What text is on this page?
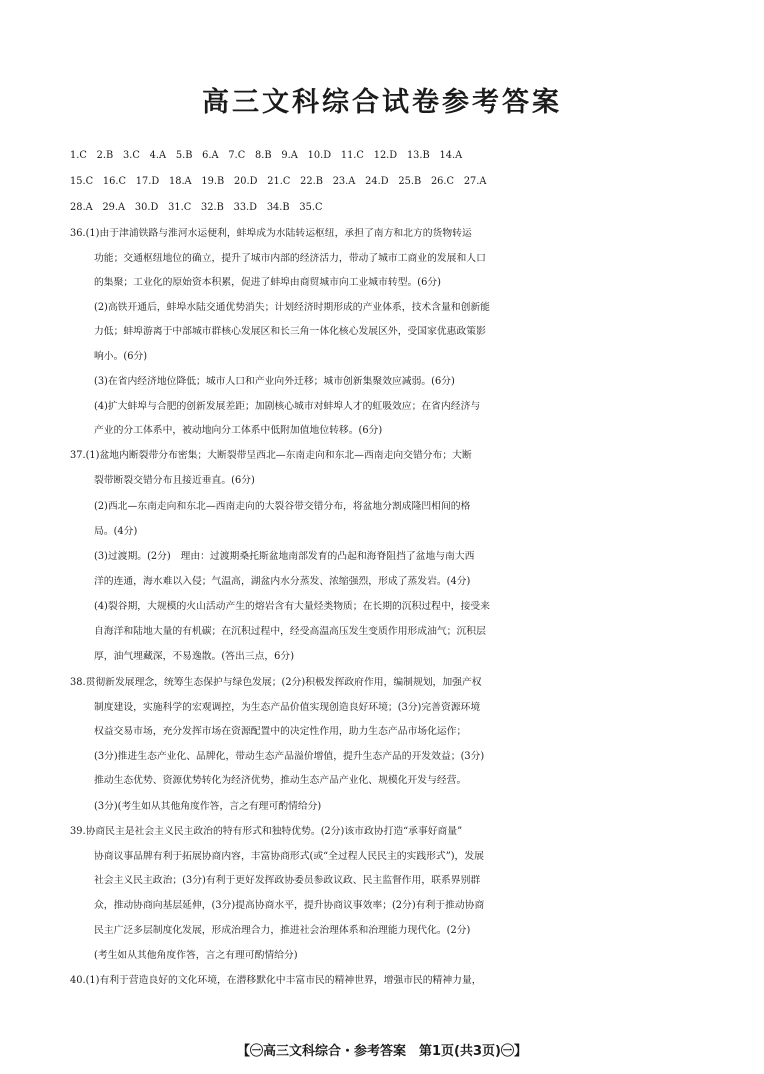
高三文科综合试卷参考答案
1.C　2.B　3.C　4.A　5.B　6.A　7.C　8.B　9.A　10.D　11.C　12.D　13.B　14.A
15.C　16.C　17.D　18.A　19.B　20.D　21.C　22.B　23.A　24.D　25.B　26.C　27.A
28.A　29.A　30.D　31.C　32.B　33.D　34.B　35.C
36.(1)由于津浦铁路与淮河水运便利，蚌埠成为水陆转运枢纽，承担了南方和北方的货物转运
功能；交通枢纽地位的确立，提升了城市内部的经济活力，带动了城市工商业的发展和人口
的集聚；工业化的原始资本积累，促进了蚌埠由商贸城市向工业城市转型。(6分)
(2)高铁开通后，蚌埠水陆交通优势消失；计划经济时期形成的产业体系，技术含量和创新能
力低；蚌埠游离于中部城市群核心发展区和长三角一体化核心发展区外，受国家优惠政策影
响小。(6分)
(3)在省内经济地位降低；城市人口和产业向外迁移；城市创新集聚效应减弱。(6分)
(4)扩大蚌埠与合肥的创新发展差距；加剧核心城市对蚌埠人才的虹吸效应；在省内经济与
产业的分工体系中，被动地向分工体系中低附加值地位转移。(6分)
37.(1)盆地内断裂带分布密集；大断裂带呈西北—东南走向和东北—西南走向交错分布；大断
裂带断裂交错分布且接近垂直。(6分)
(2)西北—东南走向和东北—西南走向的大裂谷带交错分布，将盆地分割成隆凹相间的格
局。(4分)
(3)过渡期。(2分)　理由：过渡期桑托斯盆地南部发育的凸起和海脊阻挡了盆地与南大西
洋的连通，海水难以入侵；气温高，湖盆内水分蒸发、浓缩强烈，形成了蒸发岩。(4分)
(4)裂谷期，大规模的火山活动产生的熔岩含有大量烃类物质；在长期的沉积过程中，接受来
自海洋和陆地大量的有机碳；在沉积过程中，经受高温高压发生变质作用形成油气；沉积层
厚，油气埋藏深，不易逸散。(答出三点，6分)
38.贯彻新发展理念，统筹生态保护与绿色发展；(2分)积极发挥政府作用，编制规划，加强产权
制度建设，实施科学的宏观调控，为生态产品价值实现创造良好环境；(3分)完善资源环境
权益交易市场，充分发挥市场在资源配置中的决定性作用，助力生态产品市场化运作；
(3分)推进生态产业化、品牌化，带动生态产品溢价增值，提升生态产品的开发效益；(3分)
推动生态优势、资源优势转化为经济优势，推动生态产品产业化、规模化开发与经营。
(3分)(考生如从其他角度作答，言之有理可酌情给分)
39.协商民主是社会主义民主政治的特有形式和独特优势。(2分)该市政协打造“承事好商量”
协商议事品牌有利于拓展协商内容，丰富协商形式(或“全过程人民民主的实践形式”)，发展
社会主义民主政治；(3分)有利于更好发挥政协委员参政议政、民主监督作用，联系界别群
众，推动协商向基层延伸，(3分)提高协商水平，提升协商议事效率；(2分)有利于推动协商
民主广泛多层制度化发展，形成治理合力，推进社会治理体系和治理能力现代化。(2分)
(考生如从其他角度作答，言之有理可酌情给分)
40.(1)有利于营造良好的文化环境，在潜移默化中丰富市民的精神世界，增强市民的精神力量，
【㊀高三文科综合・参考答案　第1页(共3页)㊀】
